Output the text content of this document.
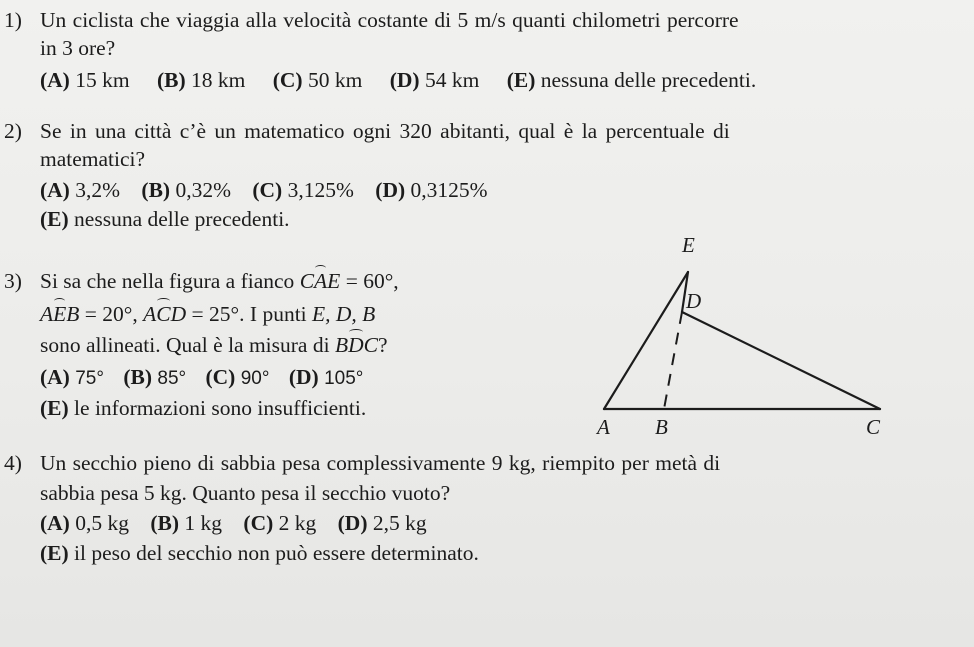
1) Un ciclista che viaggia alla velocità costante di 5 m/s quanti chilometri percorre
in 3 ore?
(A) 15 km (B) 18 km (C) 50 km (D) 54 km (E) nessuna delle precedenti.
2) Se in una città c’è un matematico ogni 320 abitanti, qual è la percentuale di
matematici?
(A) 3,2% (B) 0,32% (C) 3,125% (D) 0,3125%
(E) nessuna delle precedenti.
3) Si sa che nella figura a fianco CAE = 60°,
AEB = 20°, ACD = 25°. I punti E, D, B
sono allineati. Qual è la misura di BDC?
(A) 75° (B) 85° (C) 90° (D) 105°
(E) le informazioni sono insufficienti.
E
D
A B	C
4) Un secchio pieno di sabbia pesa complessivamente 9 kg, riempito per metà di
sabbia pesa 5 kg. Quanto pesa il secchio vuoto?
(A) 0,5 kg (B) 1 kg (C) 2 kg (D) 2,5 kg
(E) il peso del secchio non può essere determinato.
